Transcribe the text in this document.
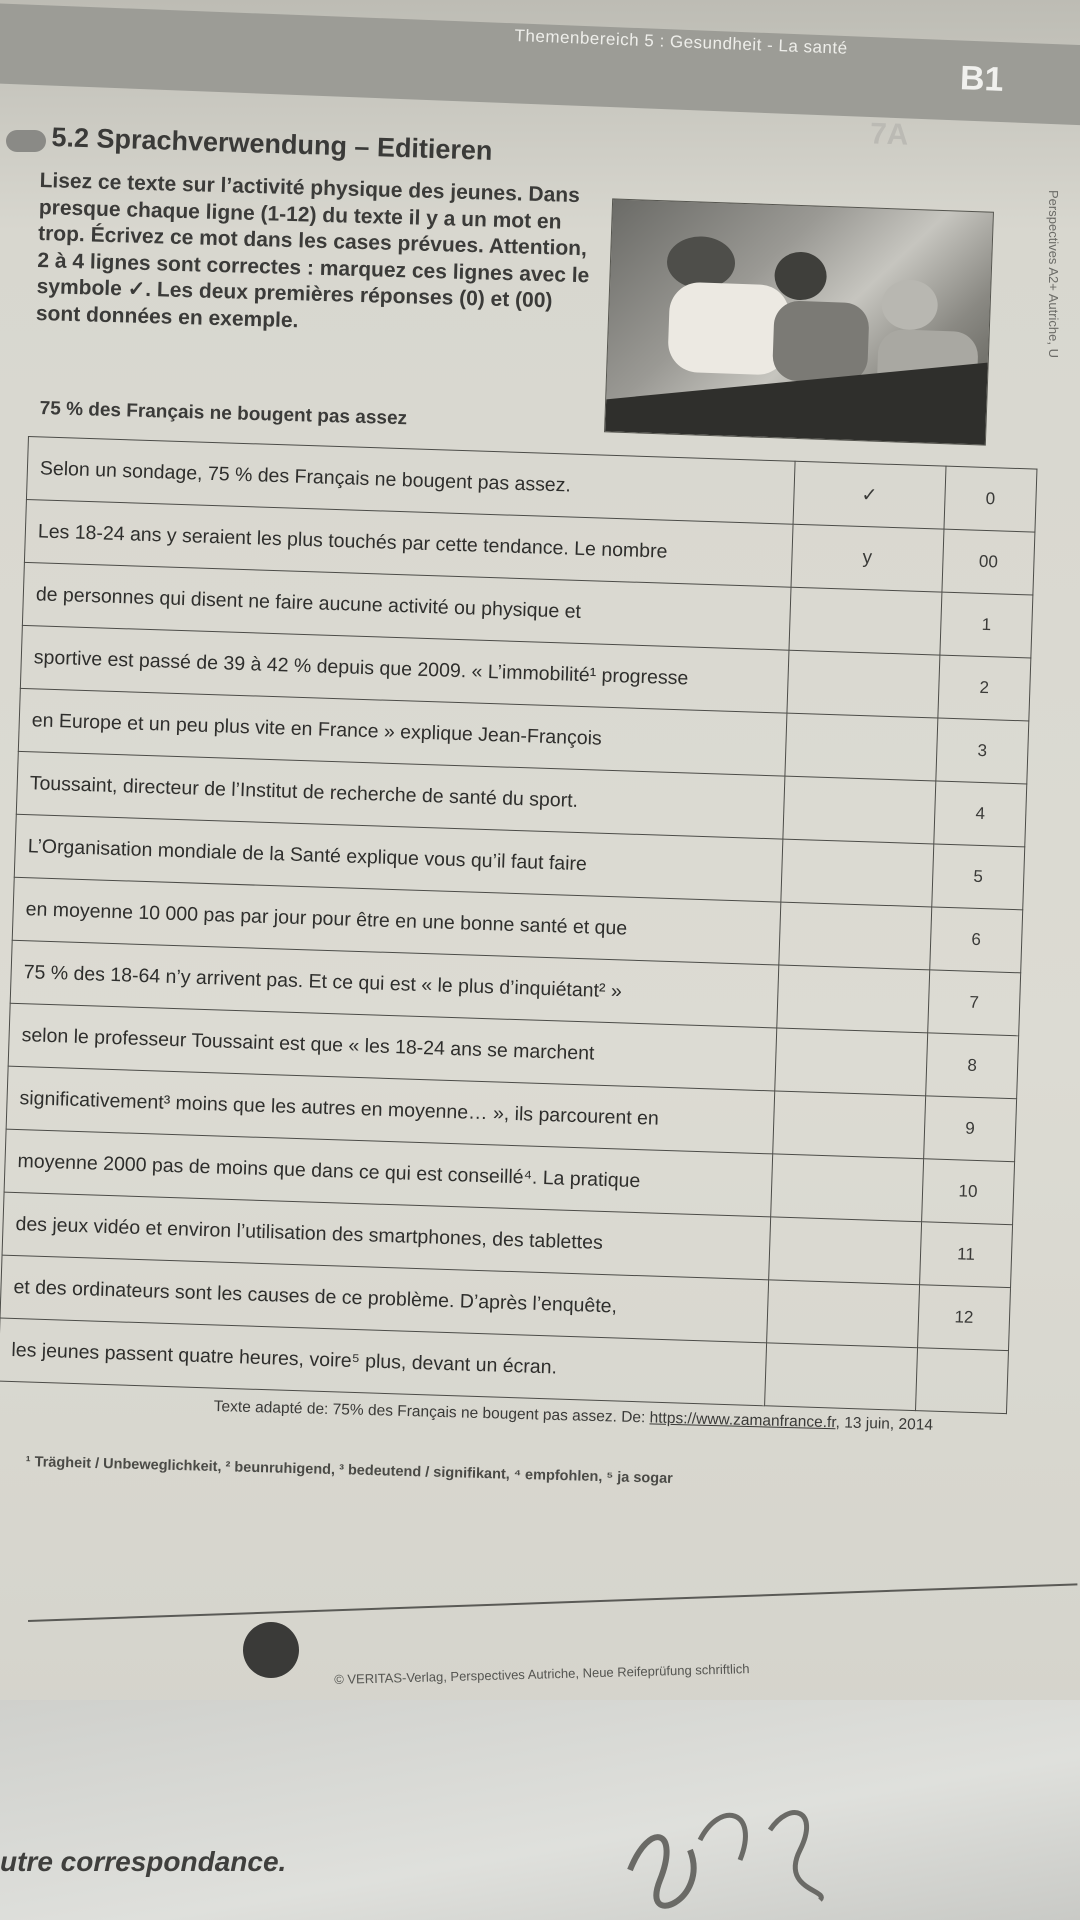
Themenbereich 5 : Gesundheit - La santé
B1
5.2 Sprachverwendung – Editieren	7A

Lisez ce texte sur l’activité physique des jeunes. Dans presque chaque ligne (1-12) du texte il y a un mot en trop. Écrivez ce mot dans les cases prévues. Attention, 2 à 4 lignes sont correctes : marquez ces lignes avec le symbole ✓. Les deux premières réponses (0) et (00) sont données en exemple.

75 % des Français ne bougent pas assez
Perspectives A2+ Autriche, U
Selon un sondage, 75 % des Français ne bougent pas assez.	✓	0
Les 18-24 ans y seraient les plus touchés par cette tendance. Le nombre	y	00
de personnes qui disent ne faire aucune activité ou physique et		1
sportive est passé de 39 à 42 % depuis que 2009. « L’immobilité¹ progresse		2
en Europe et un peu plus vite en France » explique Jean-François		3
Toussaint, directeur de l’Institut de recherche de santé du sport.		4
L’Organisation mondiale de la Santé explique vous qu’il faut faire		5
en moyenne 10 000 pas par jour pour être en une bonne santé et que		6
75 % des 18-64 n’y arrivent pas. Et ce qui est « le plus d’inquiétant² »		7
selon le professeur Toussaint est que « les 18-24 ans se marchent		8
significativement³ moins que les autres en moyenne… », ils parcourent en		9
moyenne 2000 pas de moins que dans ce qui est conseillé⁴. La pratique		10
des jeux vidéo et environ l’utilisation des smartphones, des tablettes		11
et des ordinateurs sont les causes de ce problème. D’après l’enquête,		12
les jeunes passent quatre heures, voire⁵ plus, devant un écran.		
Texte adapté de: 75% des Français ne bougent pas assez. De: https://www.zamanfrance.fr, 13 juin, 2014
¹ Trägheit / Unbeweglichkeit, ² beunruhigend, ³ bedeutend / signifikant, ⁴ empfohlen, ⁵ ja sogar
© VERITAS-Verlag, Perspectives Autriche, Neue Reifeprüfung schriftlich
utre correspondance.
